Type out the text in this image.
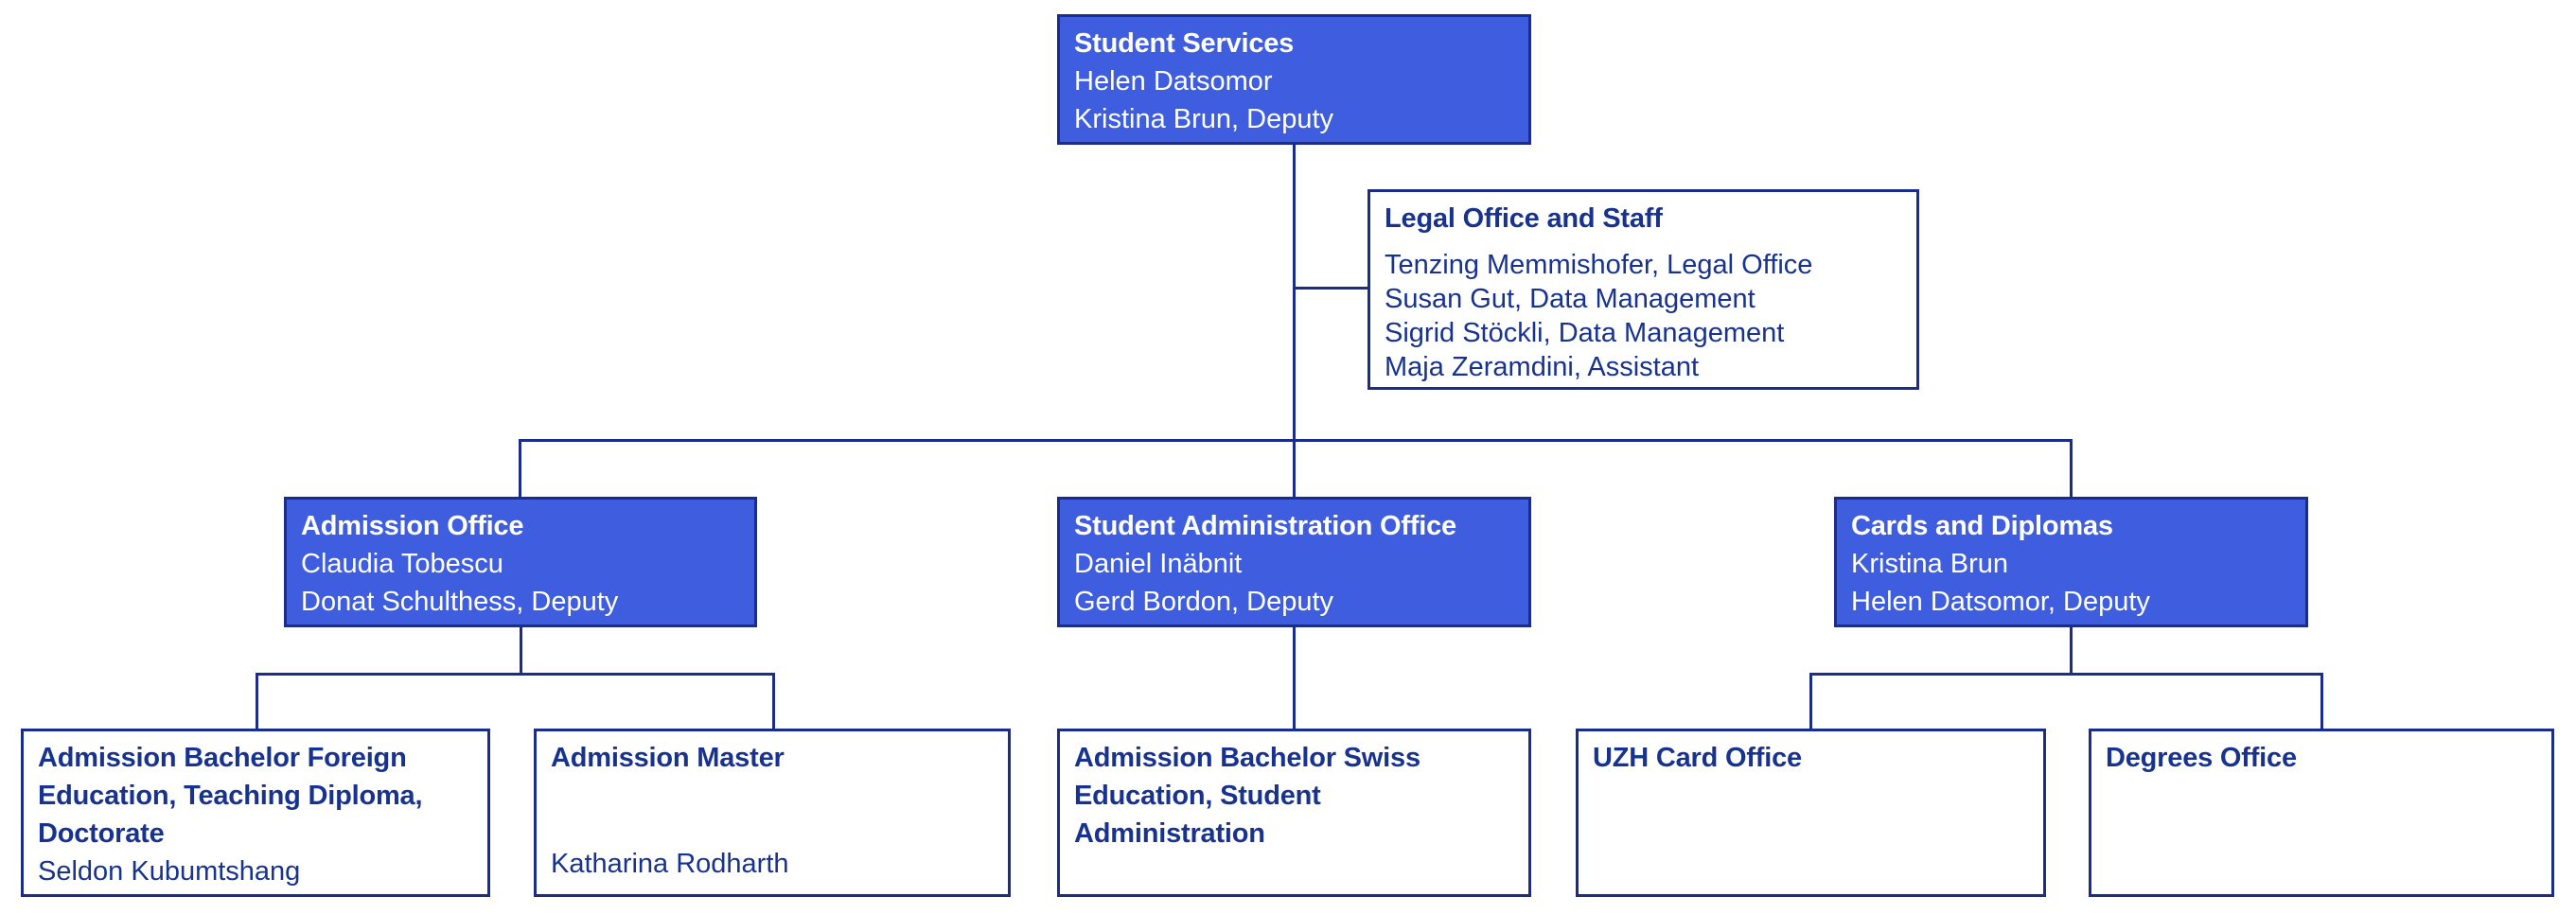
Student Services
Helen Datsomor
Kristina Brun, Deputy
Legal Office and Staff
Tenzing Memmishofer, Legal Office
Susan Gut, Data Management
Sigrid Stöckli, Data Management
Maja Zeramdini, Assistant
Admission Office
Claudia Tobescu
Donat Schulthess, Deputy
Student Administration Office
Daniel Inäbnit
Gerd Bordon, Deputy
Cards and Diplomas
Kristina Brun
Helen Datsomor, Deputy
Admission Bachelor Foreign Education, Teaching Diploma, Doctorate
Seldon Kubumtshang
Admission Master
Katharina Rodharth
Admission Bachelor Swiss Education, Student Administration
UZH Card Office	Degrees Office
